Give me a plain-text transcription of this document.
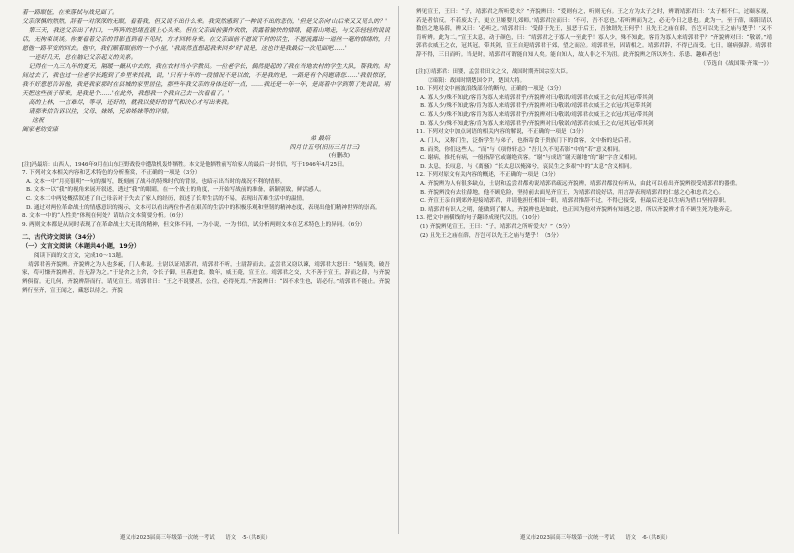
着一路眼怔，在来落拭与战兄面了。
父亲深惧的熬熬，辞着一对深深的无眼，看着我，但又说不出什么来。我突然感到了一种说不出的悲伤，'但是父亲向'山后来又又见么的？'

第三天，我送父亲出了村口，一阵阵的思绪直涌上心头来。但在父亲面前强作欢欣，表露着愉快的情绪，随着山坳走，与父亲轻轻的说说话，无拘束谈谈。你要看着父亲的背影直到看不见时，方才回转身来。在父亲面前不愿说下封的话生，不愿流露出一道丝一毫的情绪的，只愿他一路平安的回去。他中，我们顺着眼前的一个小屋，'我离然直想起我来回乡'时'说是，这也许是我最后一次见面吧……'

一连好几天，总在脑记父亲起义的关系。

记得在一九三九年的夏天，隔暖一撮从中去的，我在农村当小学教员。一位老学长，偶然提起的了我在当地农村的学生大队，帮我的。时间过去了，我也过一位老学长跑到了乡里来找我，说，'只有十年的一段情况不是以故，不是我的是，一路是有个问题请您……'我很惊讶，我不好意思告诉他，我是我家那时在县城的家里居住，那些年我父亲的身体还好一点，……我还是一年一年，是离着中学到第了先说说，明天把这些孩子带来，是我是个……'在此外，我想我一个我自己去一次看看了。'

高的上林，一言难尽，等寻，还好的，就我以使好的胃气和决心才写出来我。

请那来信告诉以往，父母、妹姊，兄弟姊妹等的详情。

这祝
阖家老幼安康
弟 最培
四月廿五号(旧历三月廿三)
(有删改)

[注]冯最培：山西人，1946年9月在山东巨野战役中遭敌机轰炸牺牲。本文是他牺牲前写给家人的最后一封书信，写于1946年4月25日。

7. 下列对文本相关内容和艺术特色的分析鉴赏，不正确的一项是（3分）
A. 文本一中“月亮很明”一句的描写，既刻画了战斗的特殊时代的背景，也暗示出当时的战况不利的情形。
B. 文本一以“我”的视角来展开叙述，透过“我”的眼睛，在一个战士的角度，一开始写战前的准备，新颖别致，鲜活感人。
C. 文本二中两处概括叙述了自己母亲对于失去了家人的经历，叙述了长辈生活的不易，表现出苦难生活中的温情。
D. 通过对两位革命战士的情感意识的揭示，文本可以看出两位作者在艰苦的生活中的积极乐观和坚韧的精神态度，表现出他们精神世界的崇高。
8. 文本一中的“人性美”体现在何处？请结合文本简要分析。（6分）
9. 两则文本都是从同时表现了在革命战士大无畏的精神，但文体不同，一为小说，一为书信，试分析两则文本在艺术特色上的异同。（6分）
二、古代诗文阅读（34分）
（一）文言文阅读（本题共4小题，19分）
阅读下面的文言文，完成10～13题。

靖郭君善齐貌辨。齐貌辨之为人也多疵，门人弗说。士尉以证靖郭君，靖郭君不听，士尉辞而去。孟尝君又窃以谏，靖郭君大怒曰：“刬而类，破吾家，苟可慊齐貌辨者，吾无辞为之。”于是舍之上舍，令长子御，旦暮进食。数年，威王薨，宣王立。靖郭君之交，大不善于宣王，辞而之薛，与齐貌辨俱留。无几何，齐貌辨辞而行，请见宣王。靖郭君曰：“王之不说婴甚，公往，必得死焉。”齐貌辨曰：“固不求生也，请必行。”靖郭君不能止。齐貌辨行至齐，宣王闻之，藏怒以待之。齐貌

辨见宣王，王曰：“子，靖郭君之所听爱夫？”齐貌辨曰：“爱则有之，听则无有。王之方为太子之时，辨谓靖郭君曰：‘太子相不仁，过颐豕视，若是者信反。不若废太子，更立卫姬婴儿郊师。’靖郭君泣而曰：‘不可，吾不忍也。’若听辨而为之，必无今日之患也。此为一。至于薛，昭阳请以数倍之地易薛，辨又曰：‘必听之。’靖郭君曰：‘受薛于先王，虽恶于后王，吾独谓先王何乎！且先王之庙在薛，吾岂可以先王之庙与楚乎！’又不肯听辨。此为二。”宣王太息，动于颜色，曰：“靖郭君之于寡人一至此乎！寡人少，殊不知此。客肯为寡人来靖郭君乎？”齐貌辨对曰：“敬诺。”靖郭君衣威王之衣，冠其冠，带其剑，宣王自迎靖郭君于郊，望之而泣。靖郭君至，因请相之。靖郭君辞，不得已而受。七日，谢病强辞。靖郭君辞不得，三日而听。当是时，靖郭君可谓能自知人矣。能自知人，故人非之不为沮。此齐貌辨之所以外生、乐患、趣难者也！

（节选自《战国策·齐策一》）
[注]①靖郭君：田婴，孟尝君田文之父，战国时期齐国宗室大臣。
②昭阳：战国时期楚国令尹，楚国大将。
10. 下列对文中画波浪线部分的断句，正确的一项是（3分）
A. 寡人少/殊不知此/客肯为寡人来靖郭君乎/齐貌辨对曰/敬诺/靖郭君衣威王之衣/冠其冠/带其剑
B. 寡人少/殊不知此客/肯为寡人来靖郭君乎/齐貌辨对曰/敬诺/靖郭君衣威王之衣冠/其冠带其剑
C. 寡人少/殊不知此/客肯为寡人来靖郭君乎/齐貌辨对曰/敬诺/靖郭君衣威王之衣冠/其冠/带其剑
D. 寡人少/殊不知此客/肯为寡人来靖郭君乎/齐貌辨对曰/敬诺/靖郭君衣威王之衣/冠其冠/带其剑
11. 下列对文中加点词语的相关内容的解说，不正确的一项是（3分）
A. 门人，又称门生，泛指学生与弟子，也指寄食于贵族门下的食客，文中指的是后者。
B. 而类，你们这些人。“而”与《项脊轩志》“吾儿久不见若影”中的“若”意义相同。
C. 谢病，推托有病，一般指辞官或谢绝宾客。“谢”与成语“谢天谢地”的“谢”字含义相同。
D. 太息，长叹息，与《离骚》“长太息以掩涕兮，哀民生之多艰”中的“太息”含义相同。
12. 下列对原文有关内容的概述，不正确的一项是（3分）
A. 齐貌辨为人有很多缺点，士尉和孟尝君都劝说靖郭君疏远齐貌辨，靖郭君都没有听从，由此可以看出齐貌辨很受靖郭君的器重。
B. 齐貌辨没有去往薛地，他不顾危险，坚持前去面见齐宣王，为靖郭君说好话，用言辞表现靖郭君的仁慈之心和忠君之心。
C. 齐宣王亲自到郊外迎接靖郭君，并请他担任相国一职，靖郭君推辞不过，不得已接受，但最后还是以生病为借口坚持辞职。
D. 靖郭君有识人之明，能做到了解人。齐貌辨也是如此，也正因为他对齐貌辨有知遇之恩，所以齐貌辨才肯不顾生死为他奔走。
13. 把文中画横线的句子翻译成现代汉语。（10分）
(1) 齐貌辨见宣王，王曰：“子，靖郭君之所听爱夫？”（5分）
(2) 且先王之庙在薛，吾岂可以先王之庙与楚乎！（5分）
遵义市2023届高三年级第一次统一考试　　语文　·5·（共8页）	遵义市2023届高三年级第一次统一考试　　语文　·6·（共8页）
